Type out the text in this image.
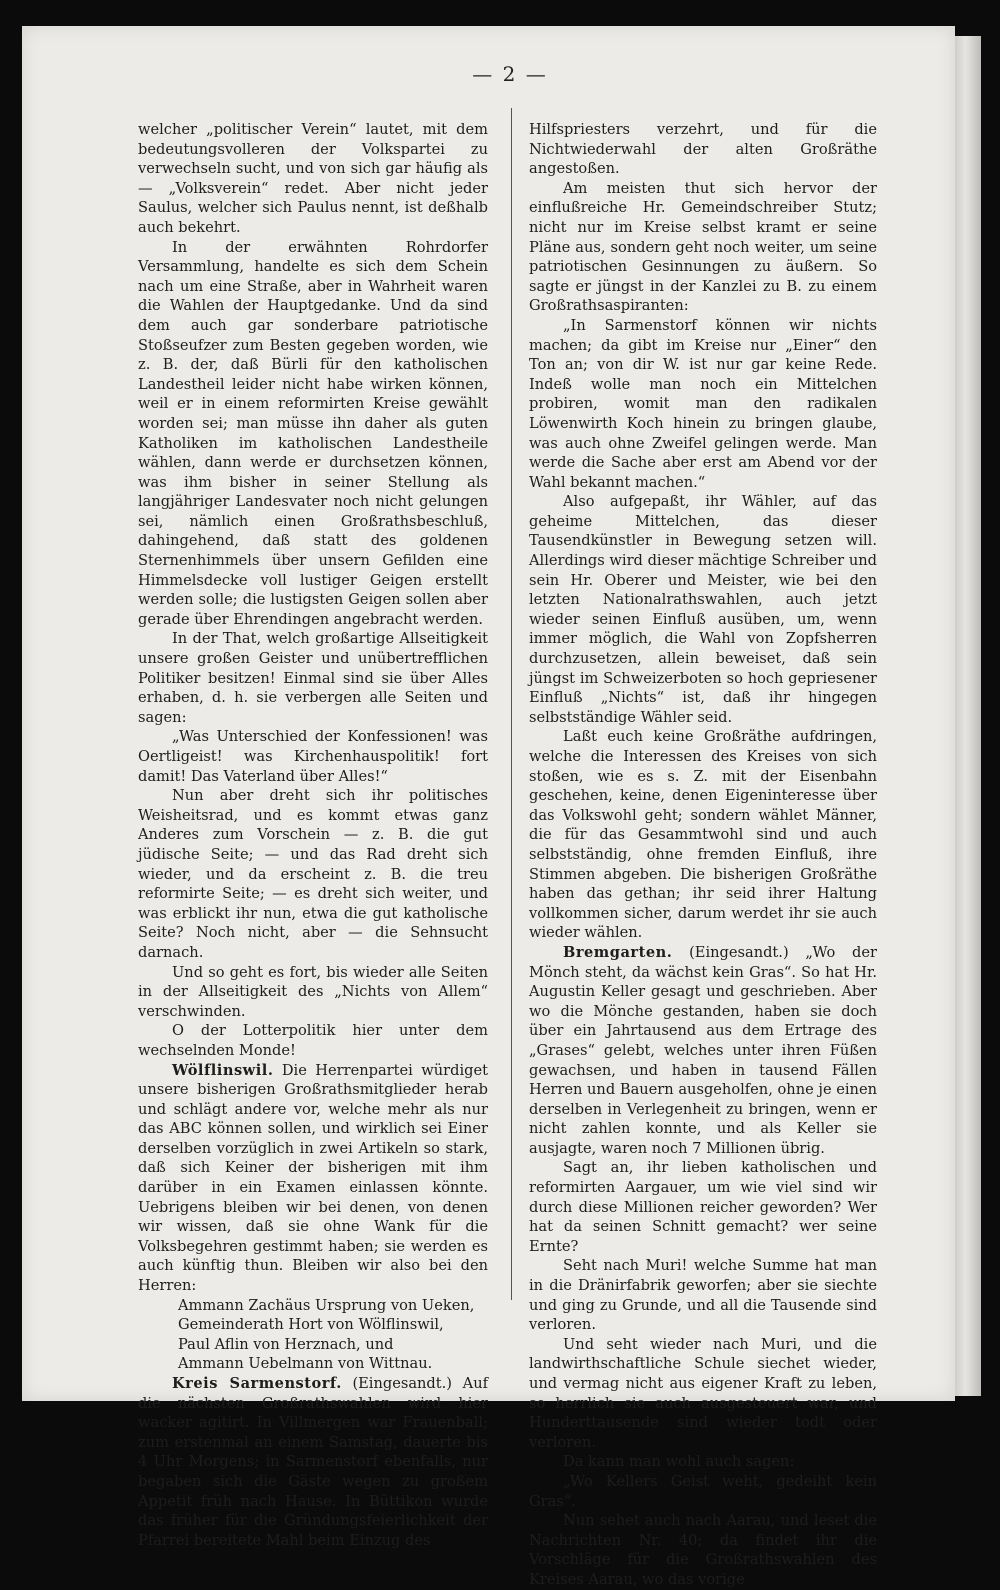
— 2 —

welcher „politischer Verein“ lautet, mit dem bedeutungsvolleren der Volkspartei zu verwechseln sucht, und von sich gar häufig als — „Volksverein“ redet. Aber nicht jeder Saulus, welcher sich Paulus nennt, ist deßhalb auch bekehrt.

In der erwähnten Rohrdorfer Versammlung, handelte es sich dem Schein nach um eine Straße, aber in Wahrheit waren die Wahlen der Hauptgedanke. Und da sind dem auch gar sonderbare patriotische Stoßseufzer zum Besten gegeben worden, wie z. B. der, daß Bürli für den katholischen Landestheil leider nicht habe wirken können, weil er in einem reformirten Kreise gewählt worden sei; man müsse ihn daher als guten Katholiken im katholischen Landestheile wählen, dann werde er durchsetzen können, was ihm bisher in seiner Stellung als langjähriger Landesvater noch nicht gelungen sei, nämlich einen Großrathsbeschluß, dahingehend, daß statt des goldenen Sternenhimmels über unsern Gefilden eine Himmelsdecke voll lustiger Geigen erstellt werden solle; die lustigsten Geigen sollen aber gerade über Ehrendingen angebracht werden.

In der That, welch großartige Allseitigkeit unsere großen Geister und unübertrefflichen Politiker besitzen! Einmal sind sie über Alles erhaben, d. h. sie verbergen alle Seiten und sagen:

„Was Unterschied der Konfessionen! was Oertligeist! was Kirchenhauspolitik! fort damit! Das Vaterland über Alles!“

Nun aber dreht sich ihr politisches Weisheitsrad, und es kommt etwas ganz Anderes zum Vorschein — z. B. die gut jüdische Seite; — und das Rad dreht sich wieder, und da erscheint z. B. die treu reformirte Seite; — es dreht sich weiter, und was erblickt ihr nun, etwa die gut katholische Seite? Noch nicht, aber — die Sehnsucht darnach.

Und so geht es fort, bis wieder alle Seiten in der Allseitigkeit des „Nichts von Allem“ verschwinden.

O der Lotterpolitik hier unter dem wechselnden Monde!

Wölflinswil. Die Herrenpartei würdiget unsere bisherigen Großrathsmitglieder herab und schlägt andere vor, welche mehr als nur das ABC können sollen, und wirklich sei Einer derselben vorzüglich in zwei Artikeln so stark, daß sich Keiner der bisherigen mit ihm darüber in ein Examen einlassen könnte. Uebrigens bleiben wir bei denen, von denen wir wissen, daß sie ohne Wank für die Volksbegehren gestimmt haben; sie werden es auch künftig thun. Bleiben wir also bei den Herren:

Ammann Zachäus Ursprung von Ueken,

Gemeinderath Hort von Wölflinswil,

Paul Aflin von Herznach, und

Ammann Uebelmann von Wittnau.

Kreis Sarmenstorf. (Eingesandt.) Auf die nächsten Großrathswahlen wird hier wacker agitirt. In Villmergen war Frauenball; zum erstenmal an einem Samstag, dauerte bis 4 Uhr Morgens; in Sarmenstorf ebenfalls, nur begaben sich die Gäste wegen zu großem Appetit früh nach Hause. In Büttikon wurde das früher für die Gründungsfeierlichkeit der Pfarrei bereitete Mahl beim Einzug des

Hilfspriesters verzehrt, und für die Nichtwiederwahl der alten Großräthe angestoßen.

Am meisten thut sich hervor der einflußreiche Hr. Gemeindschreiber Stutz; nicht nur im Kreise selbst kramt er seine Pläne aus, sondern geht noch weiter, um seine patriotischen Gesinnungen zu äußern. So sagte er jüngst in der Kanzlei zu B. zu einem Großrathsaspiranten:

„In Sarmenstorf können wir nichts machen; da gibt im Kreise nur „Einer“ den Ton an; von dir W. ist nur gar keine Rede. Indeß wolle man noch ein Mittelchen probiren, womit man den radikalen Löwenwirth Koch hinein zu bringen glaube, was auch ohne Zweifel gelingen werde. Man werde die Sache aber erst am Abend vor der Wahl bekannt machen.“

Also aufgepaßt, ihr Wähler, auf das geheime Mittelchen, das dieser Tausendkünstler in Bewegung setzen will. Allerdings wird dieser mächtige Schreiber und sein Hr. Oberer und Meister, wie bei den letzten Nationalrathswahlen, auch jetzt wieder seinen Einfluß ausüben, um, wenn immer möglich, die Wahl von Zopfsherren durchzusetzen, allein beweiset, daß sein jüngst im Schweizerboten so hoch gepriesener Einfluß „Nichts“ ist, daß ihr hingegen selbstständige Wähler seid.

Laßt euch keine Großräthe aufdringen, welche die Interessen des Kreises von sich stoßen, wie es s. Z. mit der Eisenbahn geschehen, keine, denen Eigeninteresse über das Volkswohl geht; sondern wählet Männer, die für das Gesammtwohl sind und auch selbstständig, ohne fremden Einfluß, ihre Stimmen abgeben. Die bisherigen Großräthe haben das gethan; ihr seid ihrer Haltung vollkommen sicher, darum werdet ihr sie auch wieder wählen.

Bremgarten. (Eingesandt.) „Wo der Mönch steht, da wächst kein Gras“. So hat Hr. Augustin Keller gesagt und geschrieben. Aber wo die Mönche gestanden, haben sie doch über ein Jahrtausend aus dem Ertrage des „Grases“ gelebt, welches unter ihren Füßen gewachsen, und haben in tausend Fällen Herren und Bauern ausgeholfen, ohne je einen derselben in Verlegenheit zu bringen, wenn er nicht zahlen konnte, und als Keller sie ausjagte, waren noch 7 Millionen übrig.

Sagt an, ihr lieben katholischen und reformirten Aargauer, um wie viel sind wir durch diese Millionen reicher geworden? Wer hat da seinen Schnitt gemacht? wer seine Ernte?

Seht nach Muri! welche Summe hat man in die Dränirfabrik geworfen; aber sie siechte und ging zu Grunde, und all die Tausende sind verloren.

Und seht wieder nach Muri, und die landwirthschaftliche Schule siechet wieder, und vermag nicht aus eigener Kraft zu leben, so herrlich sie auch ausgesteuert war, und Hunderttausende sind wieder todt oder verloren.

Da kann man wohl auch sagen:

„Wo Kellers Geist weht, gedeiht kein Gras“.

Nun sehet auch nach Aarau, und leset die Nachrichten Nr. 40; da findet ihr die Vorschläge für die Großrathswahlen des Kreises Aarau, wo das vorige
